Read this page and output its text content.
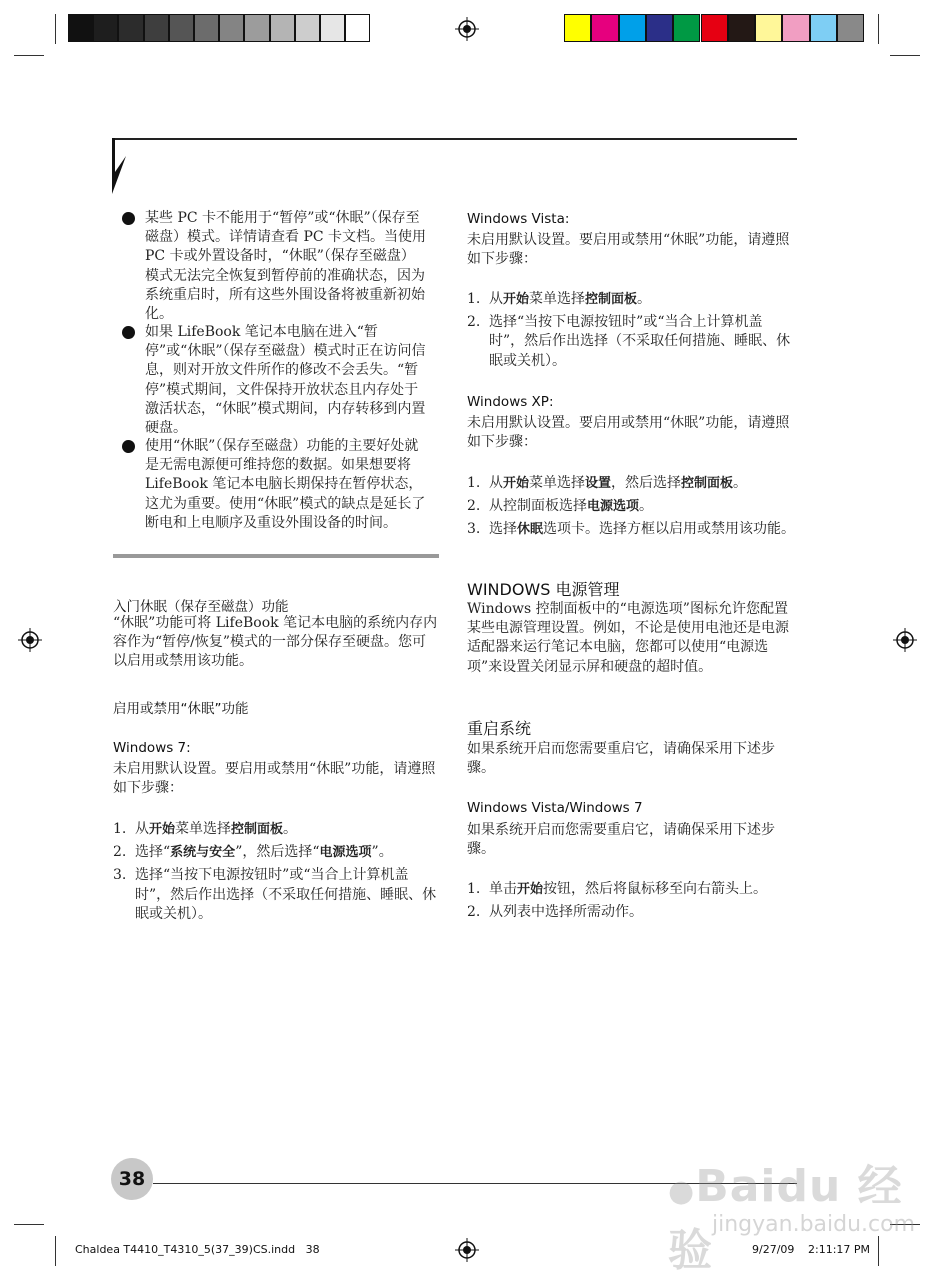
某些 PC 卡不能用于“暂停”或“休眠”（保存至磁盘）模式。详情请查看 PC 卡文档。当使用 PC 卡或外置设备时，“休眠”（保存至磁盘）模式无法完全恢复到暂停前的准确状态，因为系统重启时，所有这些外围设备将被重新初始化。
如果 LifeBook 笔记本电脑在进入“暂停”或“休眠”（保存至磁盘）模式时正在访问信息，则对开放文件所作的修改不会丢失。“暂停”模式期间，文件保持开放状态且内存处于激活状态，“休眠”模式期间，内存转移到内置硬盘。
使用“休眠”（保存至磁盘）功能的主要好处就是无需电源便可维持您的数据。如果想要将 LifeBook 笔记本电脑长期保持在暂停状态，这尤为重要。使用“休眠”模式的缺点是延长了断电和上电顺序及重设外围设备的时间。
入门休眠（保存至磁盘）功能
“休眠”功能可将 LifeBook 笔记本电脑的系统内存内容作为“暂停/恢复”模式的一部分保存至硬盘。您可以启用或禁用该功能。
启用或禁用“休眠”功能
Windows 7:
未启用默认设置。要启用或禁用“休眠”功能，请遵照如下步骤：
1. 从开始菜单选择控制面板。
2. 选择“系统与安全”，然后选择“电源选项”。
3. 选择“当按下电源按钮时”或“当合上计算机盖时”，然后作出选择（不采取任何措施、睡眠、休眠或关机）。
Windows Vista:
未启用默认设置。要启用或禁用“休眠”功能，请遵照如下步骤：
1. 从开始菜单选择控制面板。
2. 选择“当按下电源按钮时”或“当合上计算机盖时”，然后作出选择（不采取任何措施、睡眠、休眠或关机）。
Windows XP:
未启用默认设置。要启用或禁用“休眠”功能，请遵照如下步骤：
1. 从开始菜单选择设置，然后选择控制面板。
2. 从控制面板选择电源选项。
3. 选择休眠选项卡。选择方框以启用或禁用该功能。
WINDOWS 电源管理
Windows 控制面板中的“电源选项”图标允许您配置某些电源管理设置。例如，不论是使用电池还是电源适配器来运行笔记本电脑，您都可以使用“电源选项”来设置关闭显示屏和硬盘的超时值。
重启系统
如果系统开启而您需要重启它，请确保采用下述步骤。
Windows Vista/Windows 7
如果系统开启而您需要重启它，请确保采用下述步骤。
1. 单击开始按钮，然后将鼠标移至向右箭头上。
2. 从列表中选择所需动作。
38
Chaldea T4410_T4310_5(37_39)CS.indd   38	9/27/09 2:11:17 PM
●Baidu 经验
jingyan.baidu.com
